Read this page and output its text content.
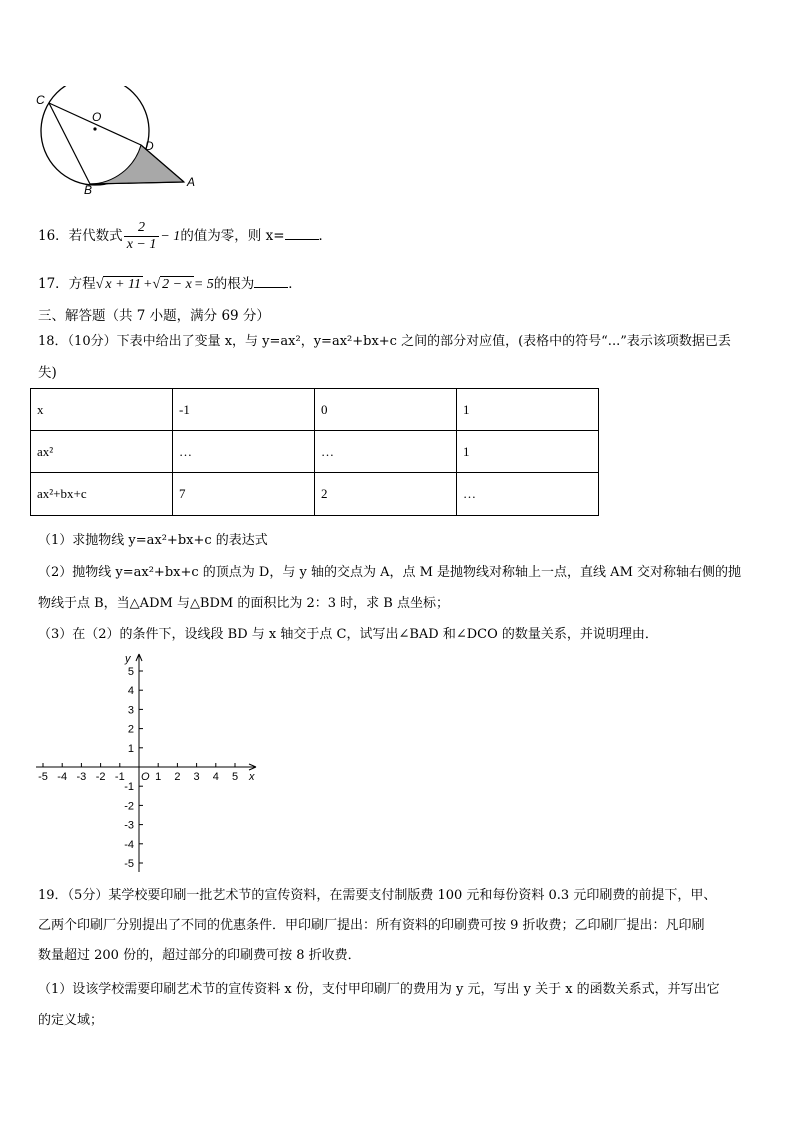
C
O
D
B
A
16．若代数式 $\frac{2}{x - 1} - 1$的值为零，则 x=	．
17．方程√ x + 11 +√ 2 − x = 5的根为	．
三、解答题（共 7 小题，满分 69 分）
18．（10分）下表中给出了变量 x，与 y=ax²，y=ax²+bx+c 之间的部分对应值，(表格中的符号“...”表示该项数据已丢
失)
x	-1	0	1
ax²	…	…	1
ax²+bx+c	7	2	…
（1）求抛物线 y=ax²+bx+c 的表达式
（2）抛物线 y=ax²+bx+c 的顶点为 D，与 y 轴的交点为 A，点 M 是抛物线对称轴上一点，直线 AM 交对称轴右侧的抛
物线于点 B，当△ADM 与△BDM 的面积比为 2：3 时，求 B 点坐标；
（3）在（2）的条件下，设线段 BD 与 x 轴交于点 C，试写出∠BAD 和∠DCO 的数量关系，并说明理由．
-5 -4 -3 -2 -1	1 2 3 4 5
5
4
3
2
1
-1
-2
-3
-4
-5
O	x
y
19．（5分）某学校要印刷一批艺术节的宣传资料，在需要支付制版费 100 元和每份资料 0.3 元印刷费的前提下，甲、
乙两个印刷厂分别提出了不同的优惠条件．甲印刷厂提出：所有资料的印刷费可按 9 折收费；乙印刷厂提出：凡印刷
数量超过 200 份的，超过部分的印刷费可按 8 折收费．
（1）设该学校需要印刷艺术节的宣传资料 x 份，支付甲印刷厂的费用为 y 元，写出 y 关于 x 的函数关系式，并写出它
的定义域；
